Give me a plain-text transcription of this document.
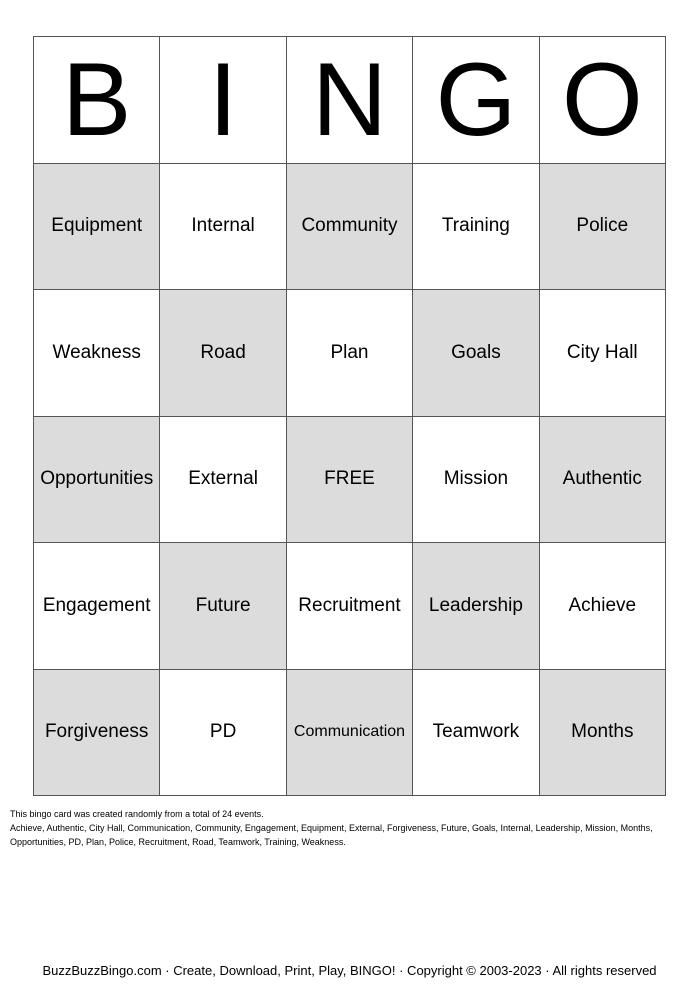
B I N G O
Equipment	Internal	Community	Training	Police
Weakness	Road	Plan	Goals	City Hall
Opportunities	External	FREE	Mission	Authentic
Engagement	Future	Recruitment	Leadership	Achieve
Forgiveness	PD	Communication	Teamwork	Months
This bingo card was created randomly from a total of 24 events.
Achieve, Authentic, City Hall, Communication, Community, Engagement, Equipment, External, Forgiveness, Future, Goals, Internal, Leadership, Mission, Months,
Opportunities, PD, Plan, Police, Recruitment, Road, Teamwork, Training, Weakness.
BuzzBuzzBingo.com · Create, Download, Print, Play, BINGO! · Copyright © 2003-2023 · All rights reserved
